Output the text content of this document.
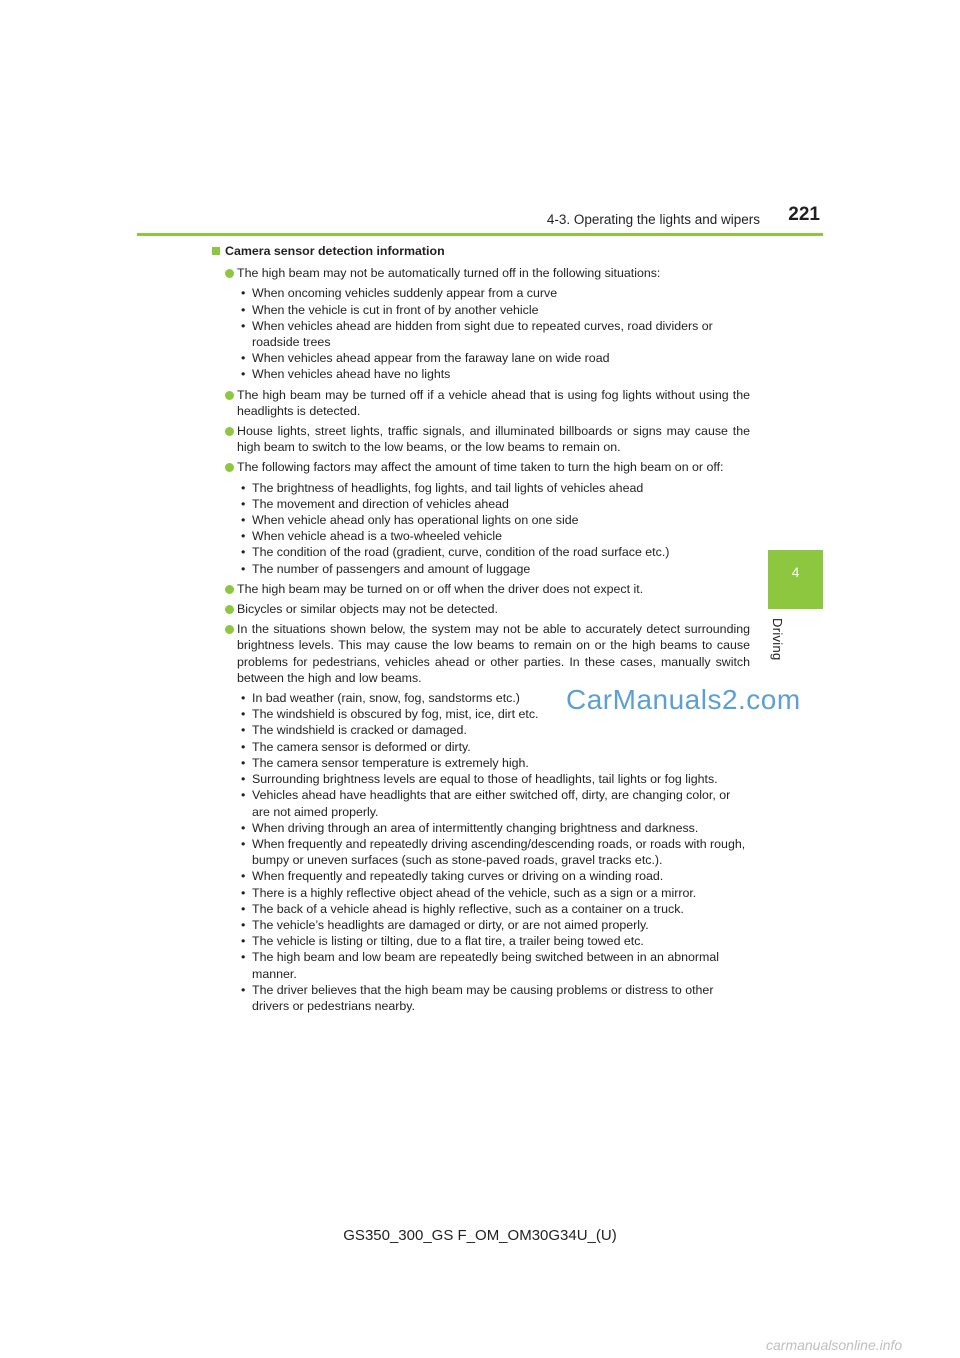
4-3. Operating the lights and wipers 221
4
Driving
Camera sensor detection information
The high beam may not be automatically turned off in the following situations:
• When oncoming vehicles suddenly appear from a curve
• When the vehicle is cut in front of by another vehicle
• When vehicles ahead are hidden from sight due to repeated curves, road dividers or roadside trees
• When vehicles ahead appear from the faraway lane on wide road
• When vehicles ahead have no lights
The high beam may be turned off if a vehicle ahead that is using fog lights without using the headlights is detected.
House lights, street lights, traffic signals, and illuminated billboards or signs may cause the high beam to switch to the low beams, or the low beams to remain on.
The following factors may affect the amount of time taken to turn the high beam on or off:
• The brightness of headlights, fog lights, and tail lights of vehicles ahead
• The movement and direction of vehicles ahead
• When vehicle ahead only has operational lights on one side
• When vehicle ahead is a two-wheeled vehicle
• The condition of the road (gradient, curve, condition of the road surface etc.)
• The number of passengers and amount of luggage
The high beam may be turned on or off when the driver does not expect it.
Bicycles or similar objects may not be detected.
In the situations shown below, the system may not be able to accurately detect surrounding brightness levels. This may cause the low beams to remain on or the high beams to cause problems for pedestrians, vehicles ahead or other parties. In these cases, manually switch between the high and low beams.
• In bad weather (rain, snow, fog, sandstorms etc.)
• The windshield is obscured by fog, mist, ice, dirt etc.
• The windshield is cracked or damaged.
• The camera sensor is deformed or dirty.
• The camera sensor temperature is extremely high.
• Surrounding brightness levels are equal to those of headlights, tail lights or fog lights.
• Vehicles ahead have headlights that are either switched off, dirty, are changing color, or are not aimed properly.
• When driving through an area of intermittently changing brightness and darkness.
• When frequently and repeatedly driving ascending/descending roads, or roads with rough, bumpy or uneven surfaces (such as stone-paved roads, gravel tracks etc.).
• When frequently and repeatedly taking curves or driving on a winding road.
• There is a highly reflective object ahead of the vehicle, such as a sign or a mirror.
• The back of a vehicle ahead is highly reflective, such as a container on a truck.
• The vehicle’s headlights are damaged or dirty, or are not aimed properly.
• The vehicle is listing or tilting, due to a flat tire, a trailer being towed etc.
• The high beam and low beam are repeatedly being switched between in an abnormal manner.
• The driver believes that the high beam may be causing problems or distress to other drivers or pedestrians nearby.
GS350_300_GS F_OM_OM30G34U_(U)
CarManuals2.com
carmanualsonline.info
